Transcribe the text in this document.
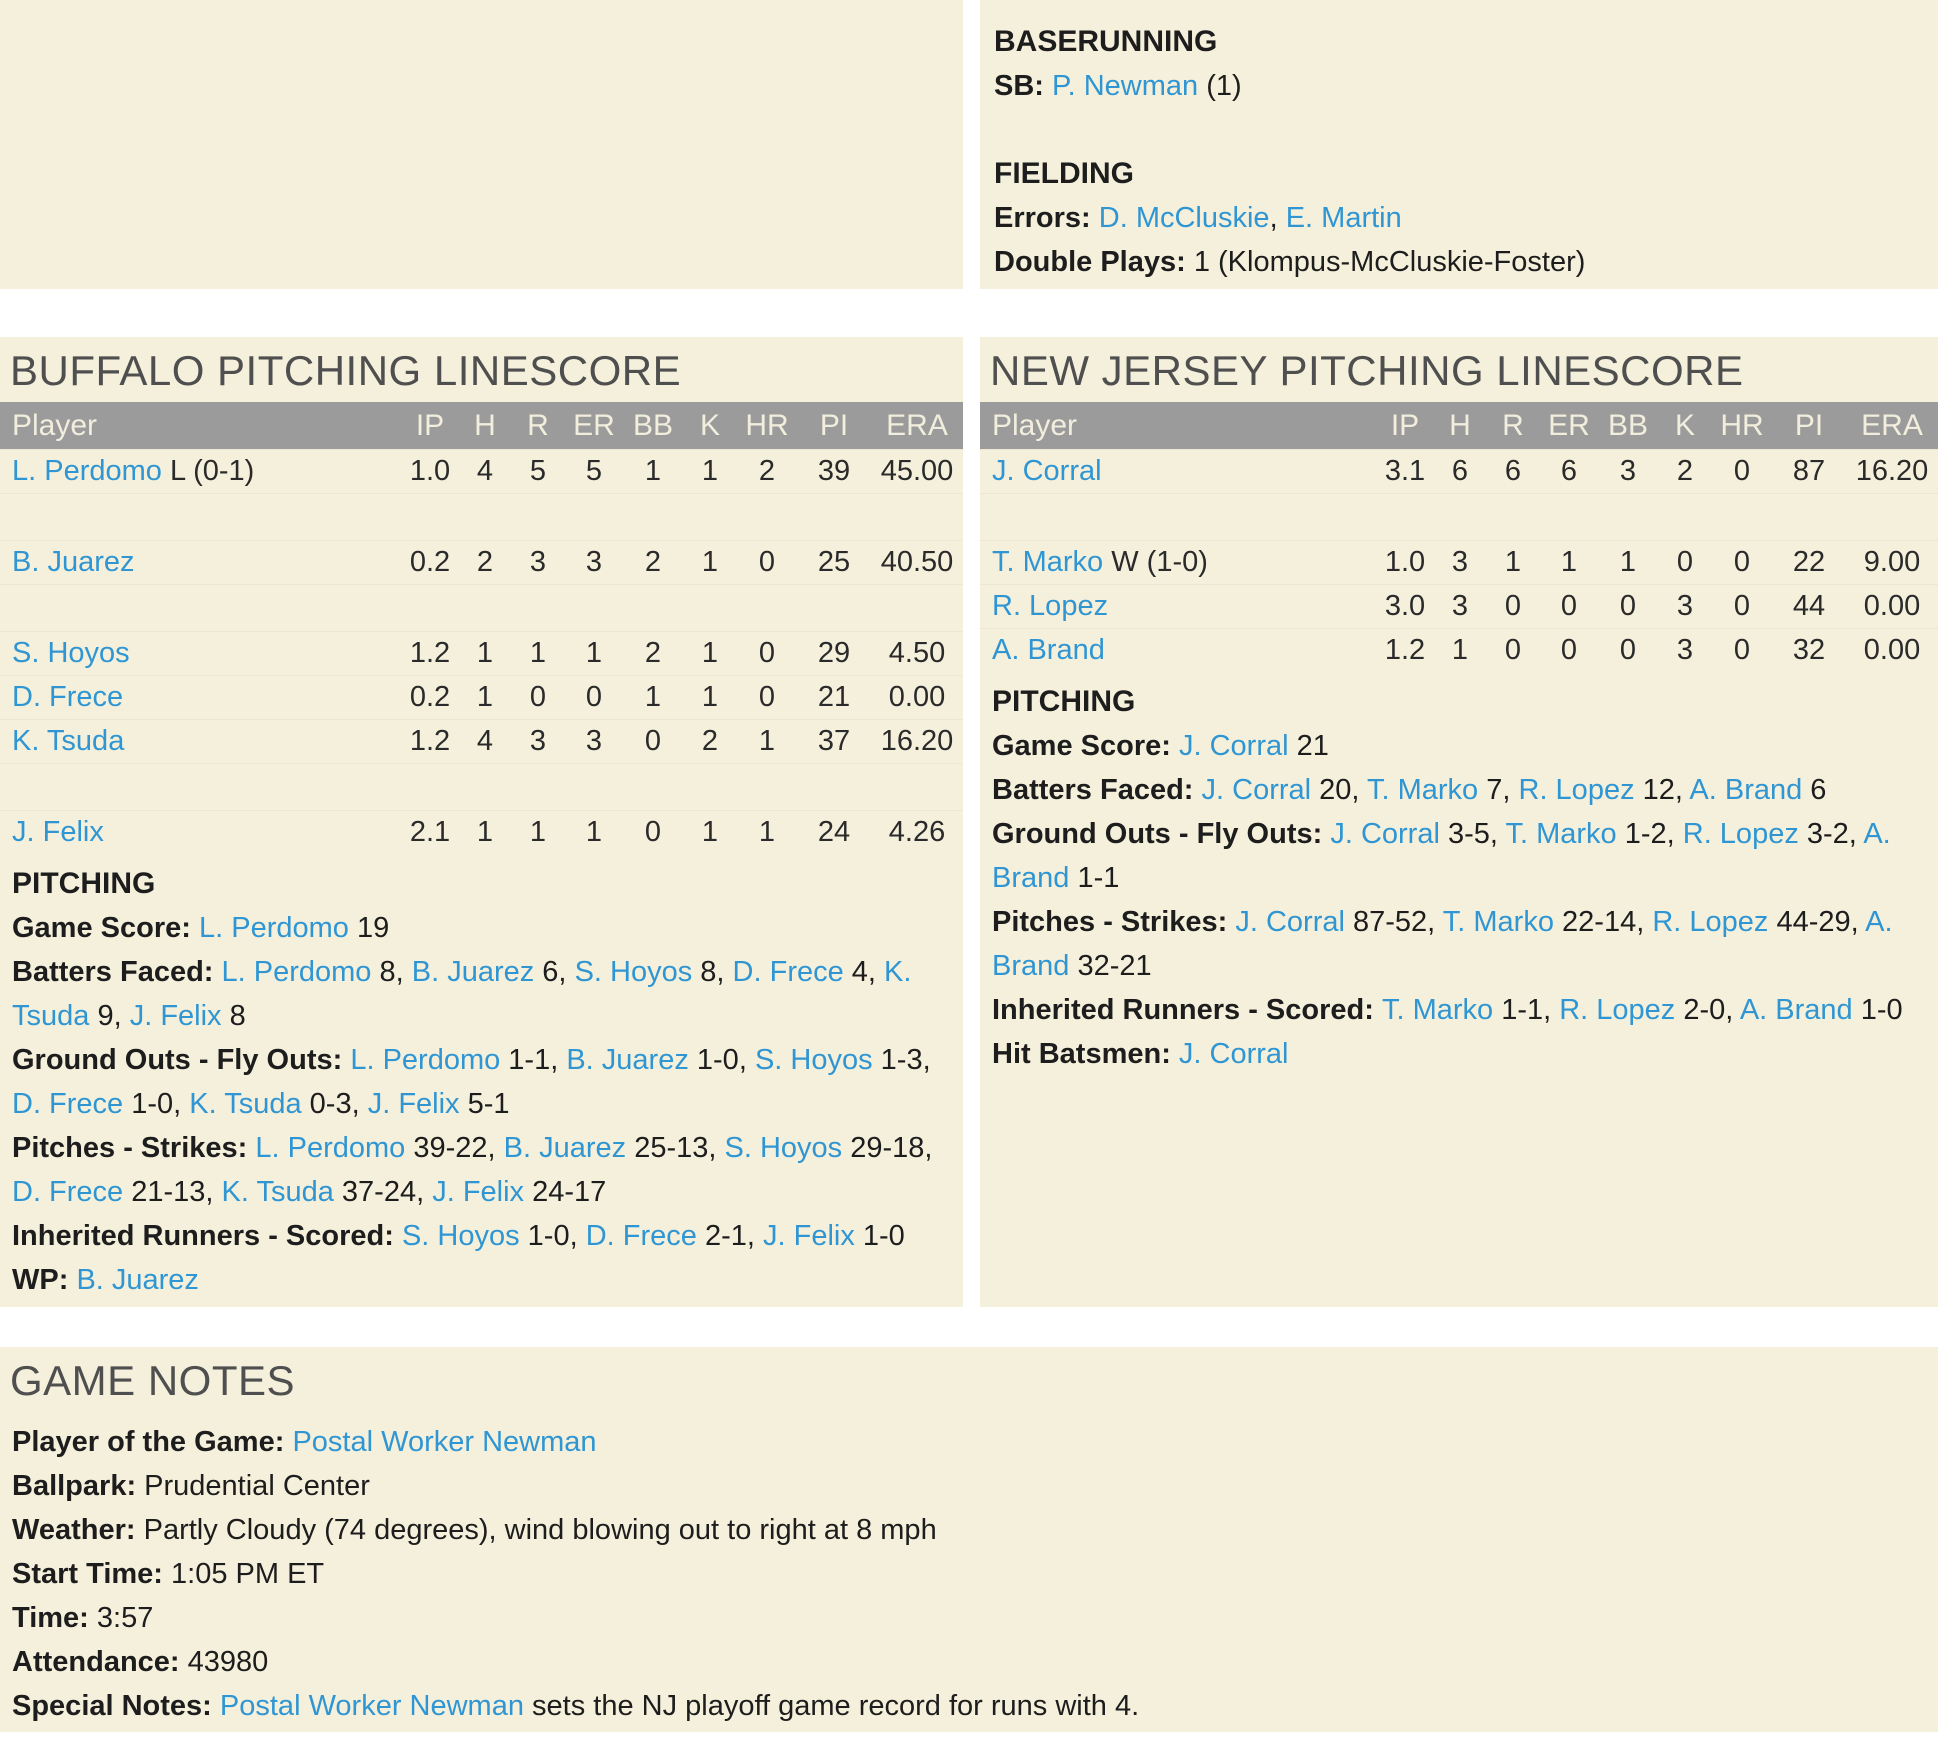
BASERUNNING
SB: P. Newman (1)
FIELDING
Errors: D. McCluskie, E. Martin
Double Plays: 1 (Klompus-McCluskie-Foster)
BUFFALO PITCHING LINESCORE
Player	IP H	R ER BB K HR	PI	ERA
L. Perdomo L (0-1)	1.0 4	5	5	1	1	2	39	45.00
B. Juarez	0.2 2	3	3	2	1	0	25	40.50
S. Hoyos	1.2 1	1	1	2	1	0	29	4.50
D. Frece	0.2 1	0	0	1	1	0	21	0.00
K. Tsuda	1.2 4	3	3	0	2	1	37	16.20
J. Felix	2.1 1	1	1	0	1	1	24	4.26
PITCHING
Game Score: L. Perdomo 19
Batters Faced: L. Perdomo 8, B. Juarez 6, S. Hoyos 8, D. Frece 4, K. Tsuda 9, J. Felix 8
Ground Outs - Fly Outs: L. Perdomo 1-1, B. Juarez 1-0, S. Hoyos 1-3, D. Frece 1-0, K. Tsuda 0-3, J. Felix 5-1
Pitches - Strikes: L. Perdomo 39-22, B. Juarez 25-13, S. Hoyos 29-18, D. Frece 21-13, K. Tsuda 37-24, J. Felix 24-17
Inherited Runners - Scored: S. Hoyos 1-0, D. Frece 2-1, J. Felix 1-0
WP: B. Juarez
NEW JERSEY PITCHING LINESCORE
Player	IP H	R ER BB K HR	PI	ERA
J. Corral	3.1 6	6	6	3	2	0	87	16.20
T. Marko W (1-0)	1.0 3	1	1	1	0	0	22	9.00
R. Lopez	3.0 3	0	0	0	3	0	44	0.00
A. Brand	1.2 1	0	0	0	3	0	32	0.00
PITCHING
Game Score: J. Corral 21
Batters Faced: J. Corral 20, T. Marko 7, R. Lopez 12, A. Brand 6
Ground Outs - Fly Outs: J. Corral 3-5, T. Marko 1-2, R. Lopez 3-2, A. Brand 1-1
Pitches - Strikes: J. Corral 87-52, T. Marko 22-14, R. Lopez 44-29, A. Brand 32-21
Inherited Runners - Scored: T. Marko 1-1, R. Lopez 2-0, A. Brand 1-0
Hit Batsmen: J. Corral
GAME NOTES
Player of the Game: Postal Worker Newman
Ballpark: Prudential Center
Weather: Partly Cloudy (74 degrees), wind blowing out to right at 8 mph
Start Time: 1:05 PM ET
Time: 3:57
Attendance: 43980
Special Notes: Postal Worker Newman sets the NJ playoff game record for runs with 4.
